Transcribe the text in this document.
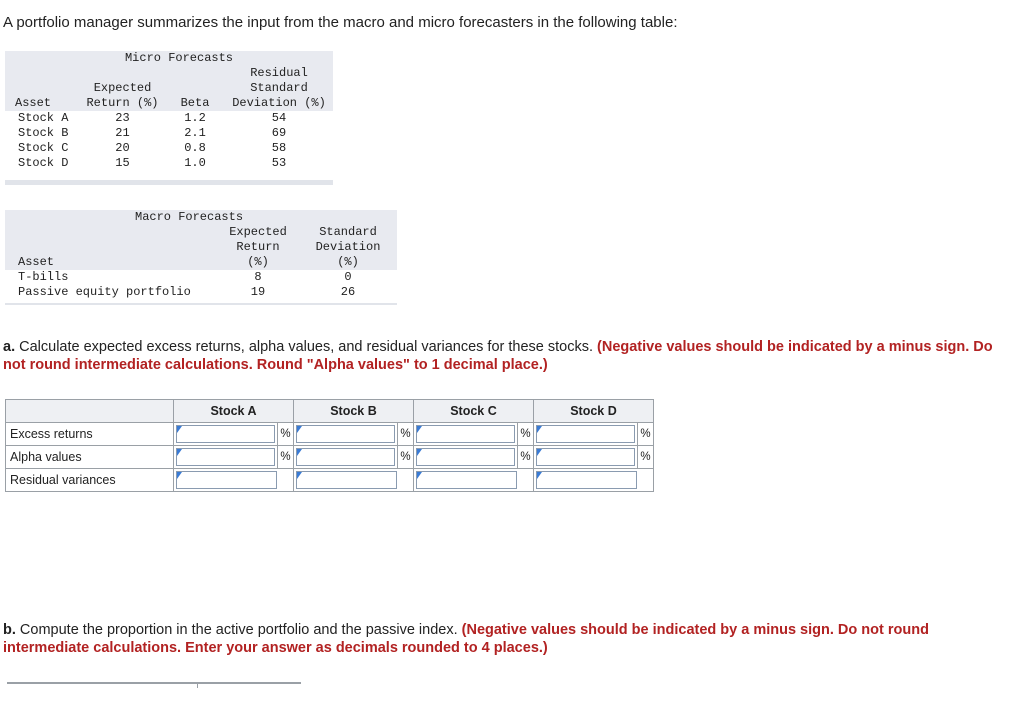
A portfolio manager summarizes the input from the macro and micro forecasters in the following table:
Micro Forecasts			
			Residual
	Expected		Standard
Asset	Return (%)	Beta	Deviation (%)
Stock A	23	1.2	54
Stock B	21	2.1	69
Stock C	20	0.8	58
Stock D	15	1.0	53
Macro Forecasts		
	Expected	Standard
	Return	Deviation
Asset	(%)	(%)
T-bills	8	0
Passive equity portfolio	19	26
a. Calculate expected excess returns, alpha values, and residual variances for these stocks. (Negative values should be indicated by a minus sign. Do not round intermediate calculations. Round "Alpha values" to 1 decimal place.)
	Stock A		Stock B		Stock C		Stock D	
Excess returns		%		%		%		%
Alpha values		%		%		%		%
Residual variances					

b. Compute the proportion in the active portfolio and the passive index. (Negative values should be indicated by a minus sign. Do not round intermediate calculations. Enter your answer as decimals rounded to 4 places.)
